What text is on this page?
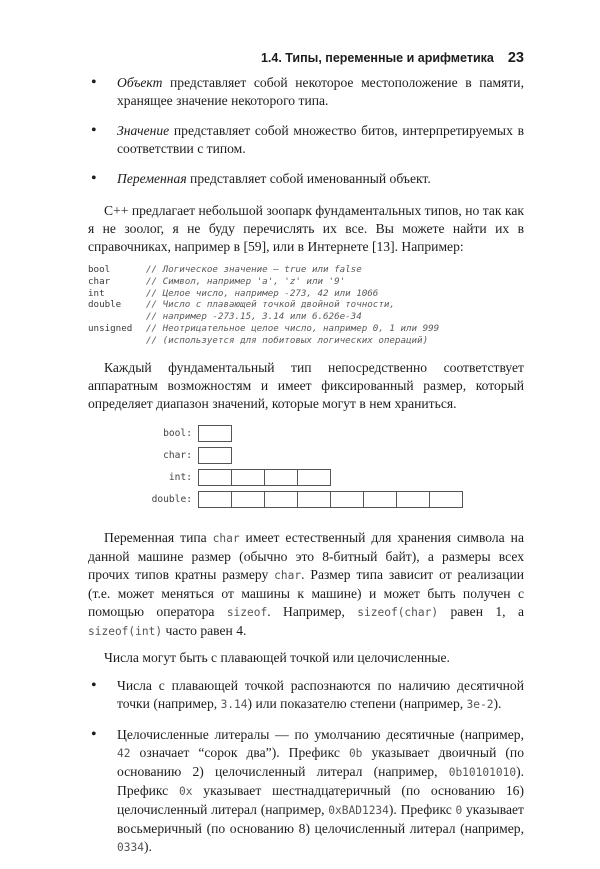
1.4. Типы, переменные и арифметика 23
• Объект представляет собой некоторое местоположение в памяти, хранящее значение некоторого типа.
• Значение представляет собой множество битов, интерпретируемых в соответствии с типом.
• Переменная представляет собой именованный объект.

C++ предлагает небольшой зоопарк фундаментальных типов, но так как я не зоолог, я не буду перечислять их все. Вы можете найти их в справочниках, например в [59], или в Интернете [13]. Например:

bool	// Логическое значение — true или false
char	// Символ, например 'a', 'z' или '9'
int	// Целое число, например -273, 42 или 1066
double	// Число с плавающей точкой двойной точности,
// например -273.15, 3.14 или 6.626e-34
unsigned // Неотрицательное целое число, например 0, 1 или 999
// (используется для побитовых логических операций)

Каждый фундаментальный тип непосредственно соответствует аппаратным возможностям и имеет фиксированный размер, который определяет диапазон значений, которые могут в нем храниться.

bool:
char:
int:
double:

Переменная типа char имеет естественный для хранения символа на данной машине размер (обычно это 8-битный байт), а размеры всех прочих типов кратны размеру char. Размер типа зависит от реализации (т.е. может меняться от машины к машине) и может быть получен с помощью оператора sizeof. Например, sizeof(char) равен 1, а sizeof(int) часто равен 4.

Числа могут быть с плавающей точкой или целочисленные.

• Числа с плавающей точкой распознаются по наличию десятичной точки (например, 3.14) или показателю степени (например, 3e-2).
• Целочисленные литералы — по умолчанию десятичные (например, 42 означает “сорок два”). Префикс 0b указывает двоичный (по основанию 2) целочисленный литерал (например, 0b10101010). Префикс 0x указывает шестнадцатеричный (по основанию 16) целочисленный литерал (например, 0xBAD1234). Префикс 0 указывает восьмеричный (по основанию 8) целочисленный литерал (например, 0334).
